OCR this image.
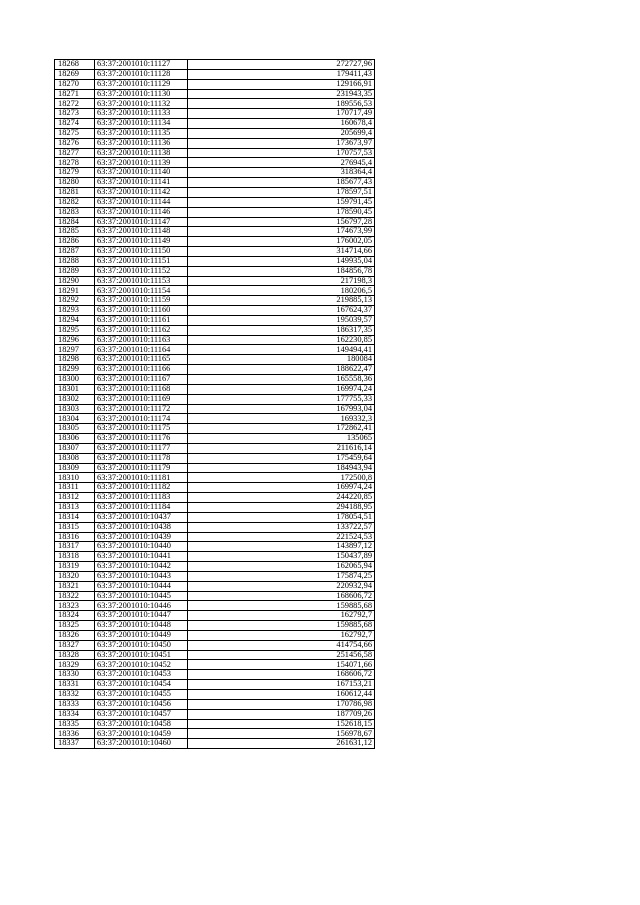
18268	63:37:2001010:11127	272727,96
18269	63:37:2001010:11128	179411,43
18270	63:37:2001010:11129	129166,91
18271	63:37:2001010:11130	231943,35
18272	63:37:2001010:11132	189556,53
18273	63:37:2001010:11133	170717,49
18274	63:37:2001010:11134	160678,4
18275	63:37:2001010:11135	205699,4
18276	63:37:2001010:11136	173673,97
18277	63:37:2001010:11138	170757,53
18278	63:37:2001010:11139	276945,4
18279	63:37:2001010:11140	318364,4
18280	63:37:2001010:11141	185677,43
18281	63:37:2001010:11142	178597,51
18282	63:37:2001010:11144	159791,45
18283	63:37:2001010:11146	178590,45
18284	63:37:2001010:11147	156797,28
18285	63:37:2001010:11148	174673,99
18286	63:37:2001010:11149	176002,05
18287	63:37:2001010:11150	314714,66
18288	63:37:2001010:11151	149935,04
18289	63:37:2001010:11152	184856,78
18290	63:37:2001010:11153	217198,3
18291	63:37:2001010:11154	180206,5
18292	63:37:2001010:11159	219885,13
18293	63:37:2001010:11160	167624,37
18294	63:37:2001010:11161	195039,57
18295	63:37:2001010:11162	186317,35
18296	63:37:2001010:11163	162230,85
18297	63:37:2001010:11164	149494,41
18298	63:37:2001010:11165	180084
18299	63:37:2001010:11166	188622,47
18300	63:37:2001010:11167	165558,36
18301	63:37:2001010:11168	169974,24
18302	63:37:2001010:11169	177755,33
18303	63:37:2001010:11172	167993,04
18304	63:37:2001010:11174	169332,3
18305	63:37:2001010:11175	172862,41
18306	63:37:2001010:11176	135065
18307	63:37:2001010:11177	211616,14
18308	63:37:2001010:11178	175459,64
18309	63:37:2001010:11179	184943,94
18310	63:37:2001010:11181	172500,8
18311	63:37:2001010:11182	169974,24
18312	63:37:2001010:11183	244220,85
18313	63:37:2001010:11184	294188,95
18314	63:37:2001010:10437	178054,51
18315	63:37:2001010:10438	133722,57
18316	63:37:2001010:10439	221524,53
18317	63:37:2001010:10440	143897,12
18318	63:37:2001010:10441	150437,89
18319	63:37:2001010:10442	162065,94
18320	63:37:2001010:10443	175874,25
18321	63:37:2001010:10444	220932,94
18322	63:37:2001010:10445	168606,72
18323	63:37:2001010:10446	159885,68
18324	63:37:2001010:10447	162792,7
18325	63:37:2001010:10448	159885,68
18326	63:37:2001010:10449	162792,7
18327	63:37:2001010:10450	414754,66
18328	63:37:2001010:10451	251456,58
18329	63:37:2001010:10452	154071,66
18330	63:37:2001010:10453	168606,72
18331	63:37:2001010:10454	167153,21
18332	63:37:2001010:10455	160612,44
18333	63:37:2001010:10456	170786,98
18334	63:37:2001010:10457	187709,26
18335	63:37:2001010:10458	152618,15
18336	63:37:2001010:10459	156978,67
18337	63:37:2001010:10460	261631,12
